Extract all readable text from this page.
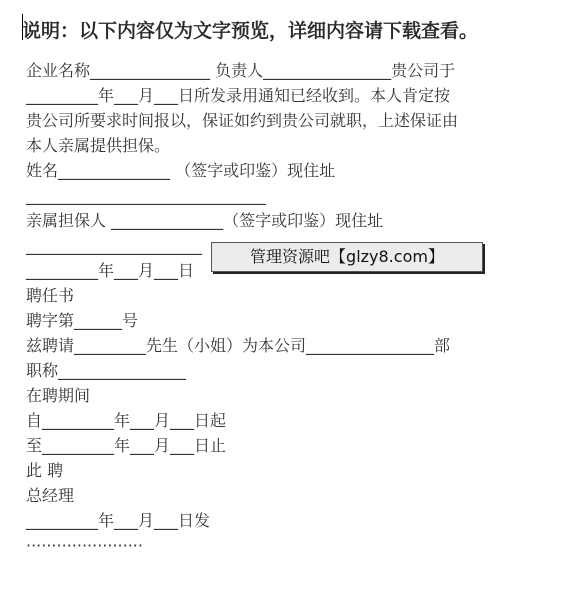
说明：以下内容仅为文字预览，详细内容请下载查看。
企业名称_______________ 负责人________________贵公司于
_________年___月___日所发录用通知已经收到。本人肯定按
贵公司所要求时间报以，保证如约到贵公司就职，上述保证由
本人亲属提供担保。
姓名______________ （签字或印鉴）现住址
______________________________
亲属担保人 ______________（签字或印鉴）现住址
______________________
_________年___月___日
聘任书
聘字第______号
兹聘请_________先生（小姐）为本公司________________部
职称________________
在聘期间
自_________年___月___日起
至_________年___月___日止
此 聘
总经理
_________年___月___日发
·······················
管理资源吧【glzy8.com】
